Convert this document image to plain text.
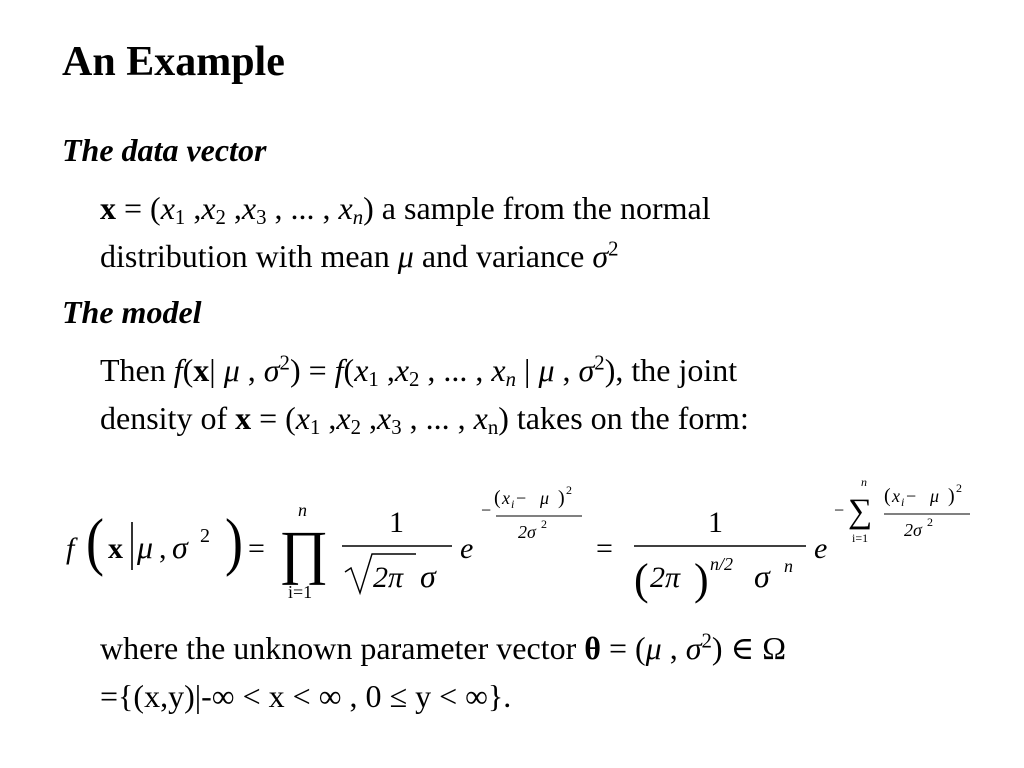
An Example
The data vector
$x = (x_1$ $,x_2$ $,x_3$ , ... , $x_n$) a sample from the normal
distribution with mean μ and variance $\sigma^2$
The model
Then f(x| μ , $\sigma^2) = f(x_1$ $,x_2$ , ... , $x_n$ | μ , $\sigma^2$), the joint
density of $x = (x_1$ $,x_2$ $,x_3$ , ... , $x_n$) takes on the form:
f ( x μ , σ 2 ) =
n
∏
i=1
1
2π σ
e
−
( x i − μ ) 2
2σ 2
=
1
( 2π ) n/2 σ n
e
−
n
∑
i=1
( x i − μ ) 2
2σ 2
where the unknown parameter vector θ = (μ , $\sigma^2$) ∈ Ω
={(x,y)|-∞ < x < ∞ , 0 ≤ y < ∞}.
